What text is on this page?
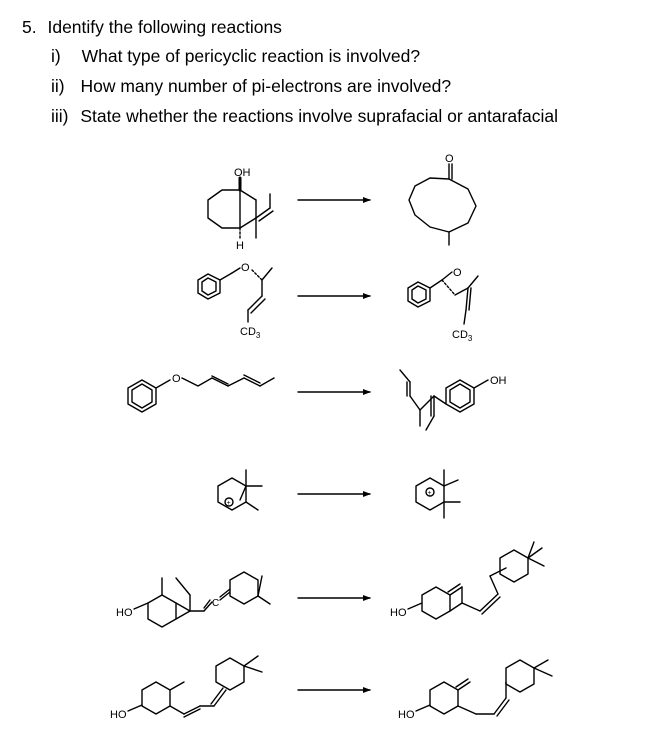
5. Identify the following reactions
i) What type of pericyclic reaction is involved?
ii) How many number of pi-electrons are involved?
iii) State whether the reactions involve suprafacial or antarafacial
OH
H
O
O
$CD_3$
O
$CD_3$
O	OH
+
+
HO
C
HO
HO	HO
